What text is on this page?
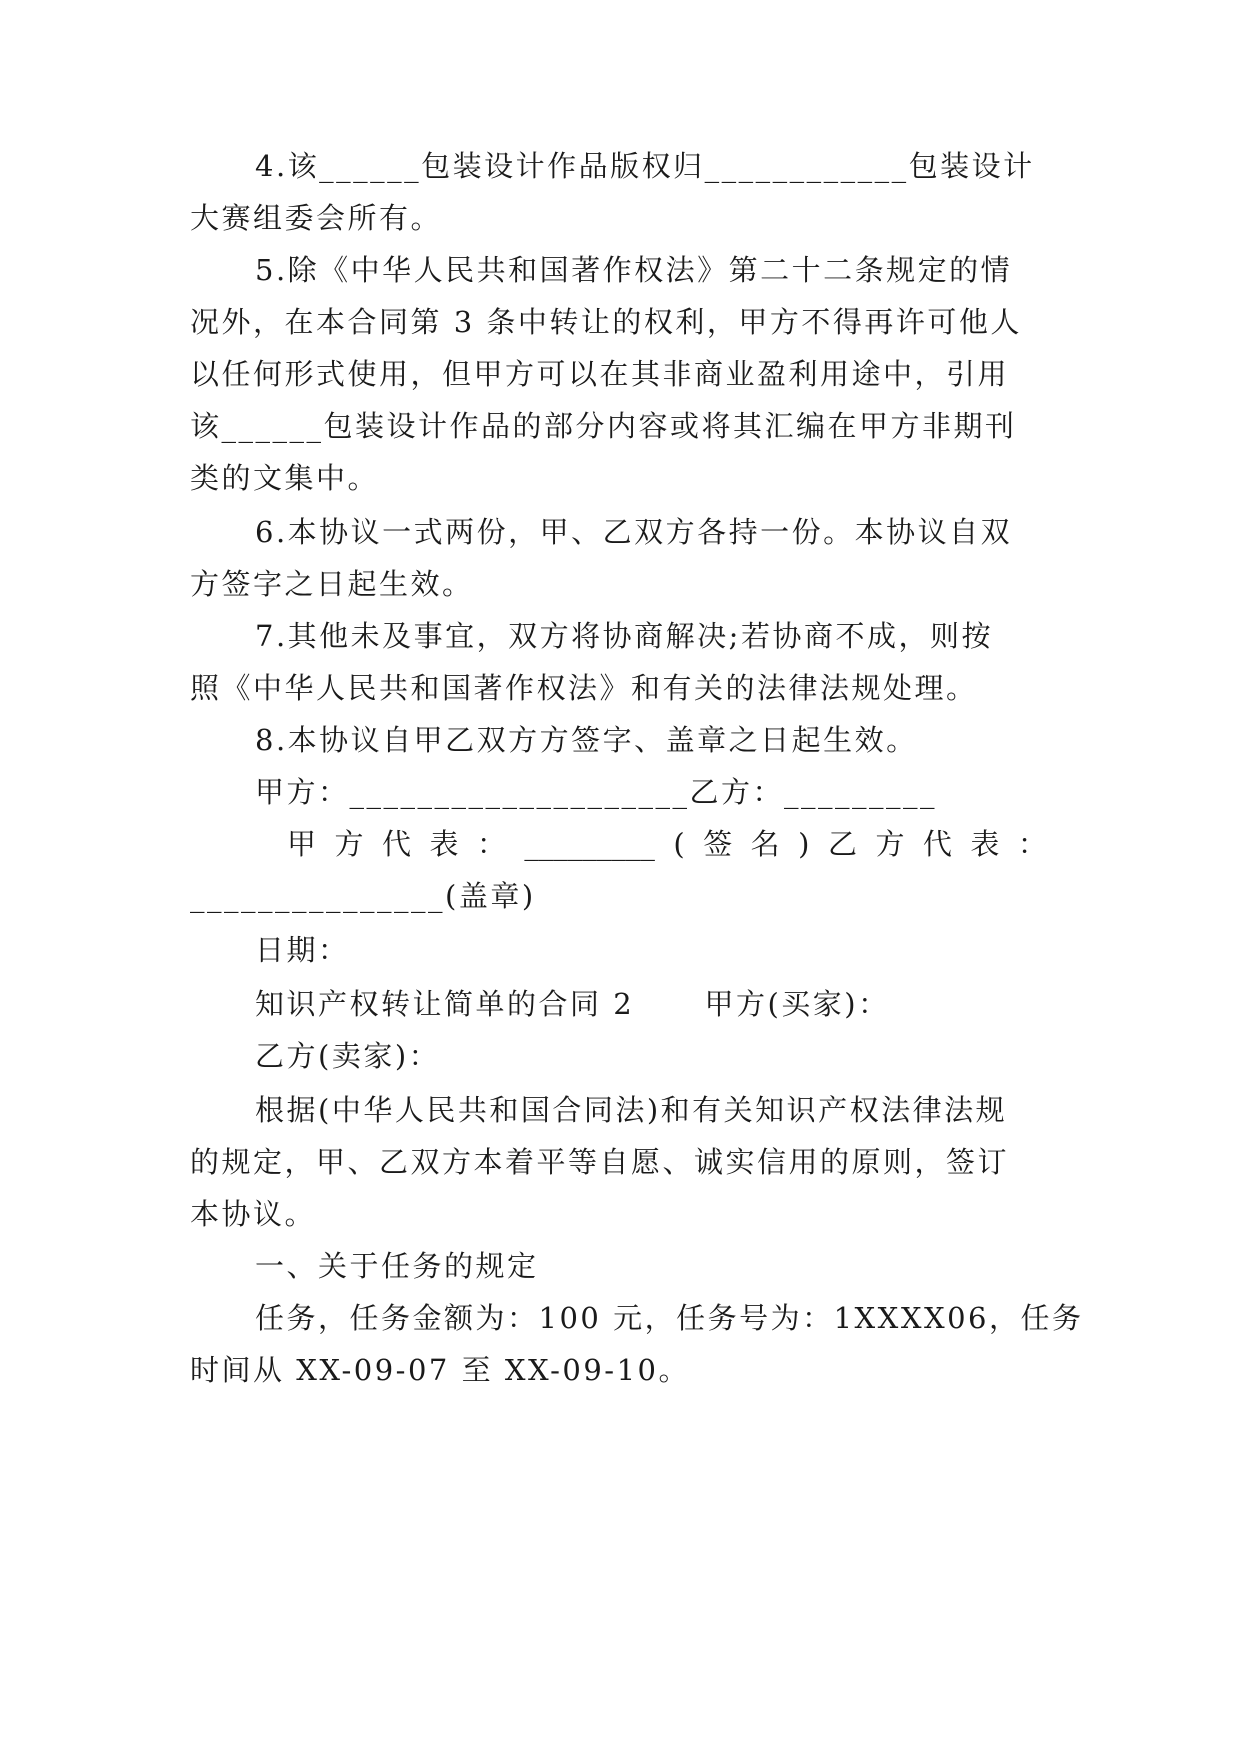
4.该______包装设计作品版权归____________包装设计
大赛组委会所有。
5.除《中华人民共和国著作权法》第二十二条规定的情
况外，在本合同第 3 条中转让的权利，甲方不得再许可他人
以任何形式使用，但甲方可以在其非商业盈利用途中，引用
该______包装设计作品的部分内容或将其汇编在甲方非期刊
类的文集中。
6.本协议一式两份，甲、乙双方各持一份。本协议自双
方签字之日起生效。
7.其他未及事宜，双方将协商解决;若协商不成，则按
照《中华人民共和国著作权法》和有关的法律法规处理。
8.本协议自甲乙双方方签字、盖章之日起生效。
甲方：____________________乙方：_________
甲 方 代 表 ： _________ ( 签 名 ) 乙 方 代 表 ：
_______________(盖章)
日期：
知识产权转让简单的合同 2      甲方(买家)：
乙方(卖家)：
根据(中华人民共和国合同法)和有关知识产权法律法规
的规定，甲、乙双方本着平等自愿、诚实信用的原则，签订
本协议。
一、关于任务的规定
任务，任务金额为：100 元，任务号为：1XXXX06，任务
时间从 XX-09-07 至 XX-09-10。
